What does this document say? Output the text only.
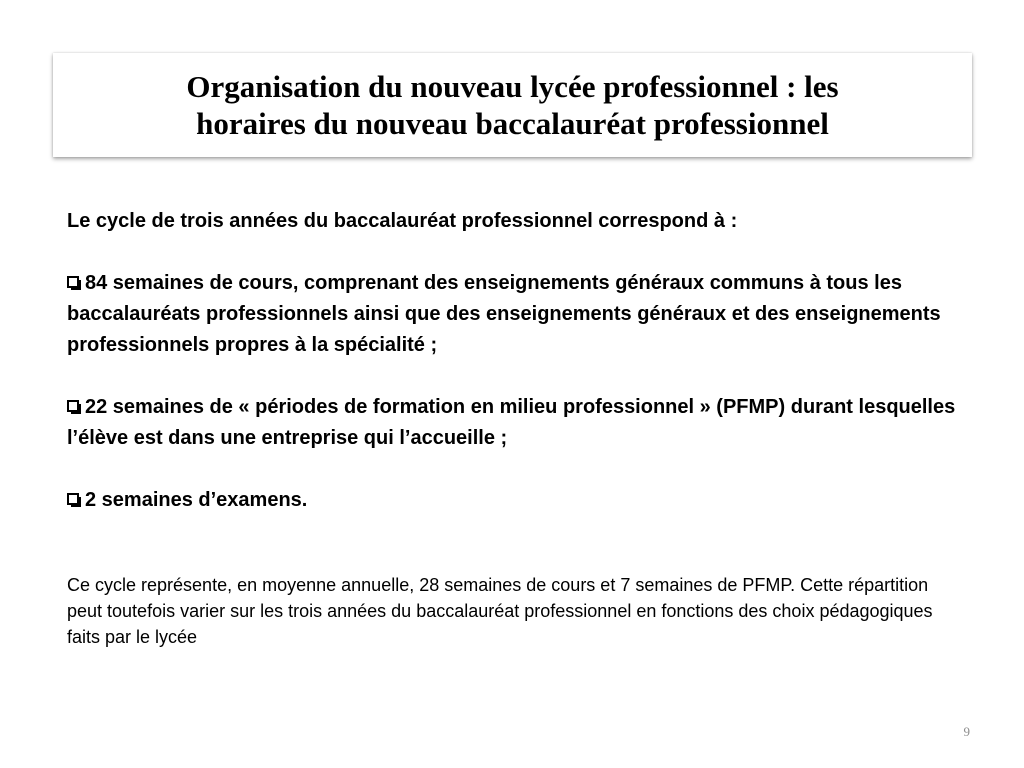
Organisation du nouveau lycée professionnel : les
horaires du nouveau baccalauréat professionnel

Le cycle de trois années du baccalauréat professionnel correspond à :

84 semaines de cours, comprenant des enseignements généraux communs à tous les baccalauréats professionnels ainsi que des enseignements généraux et des enseignements professionnels propres à la spécialité ;

22 semaines de « périodes de formation en milieu professionnel » (PFMP) durant lesquelles l’élève est dans une entreprise qui l’accueille ;

2 semaines d’examens.

Ce cycle représente, en moyenne annuelle, 28 semaines de cours et 7 semaines de PFMP. Cette répartition peut toutefois varier sur les trois années du baccalauréat professionnel en fonctions des choix pédagogiques faits par le lycée

9
